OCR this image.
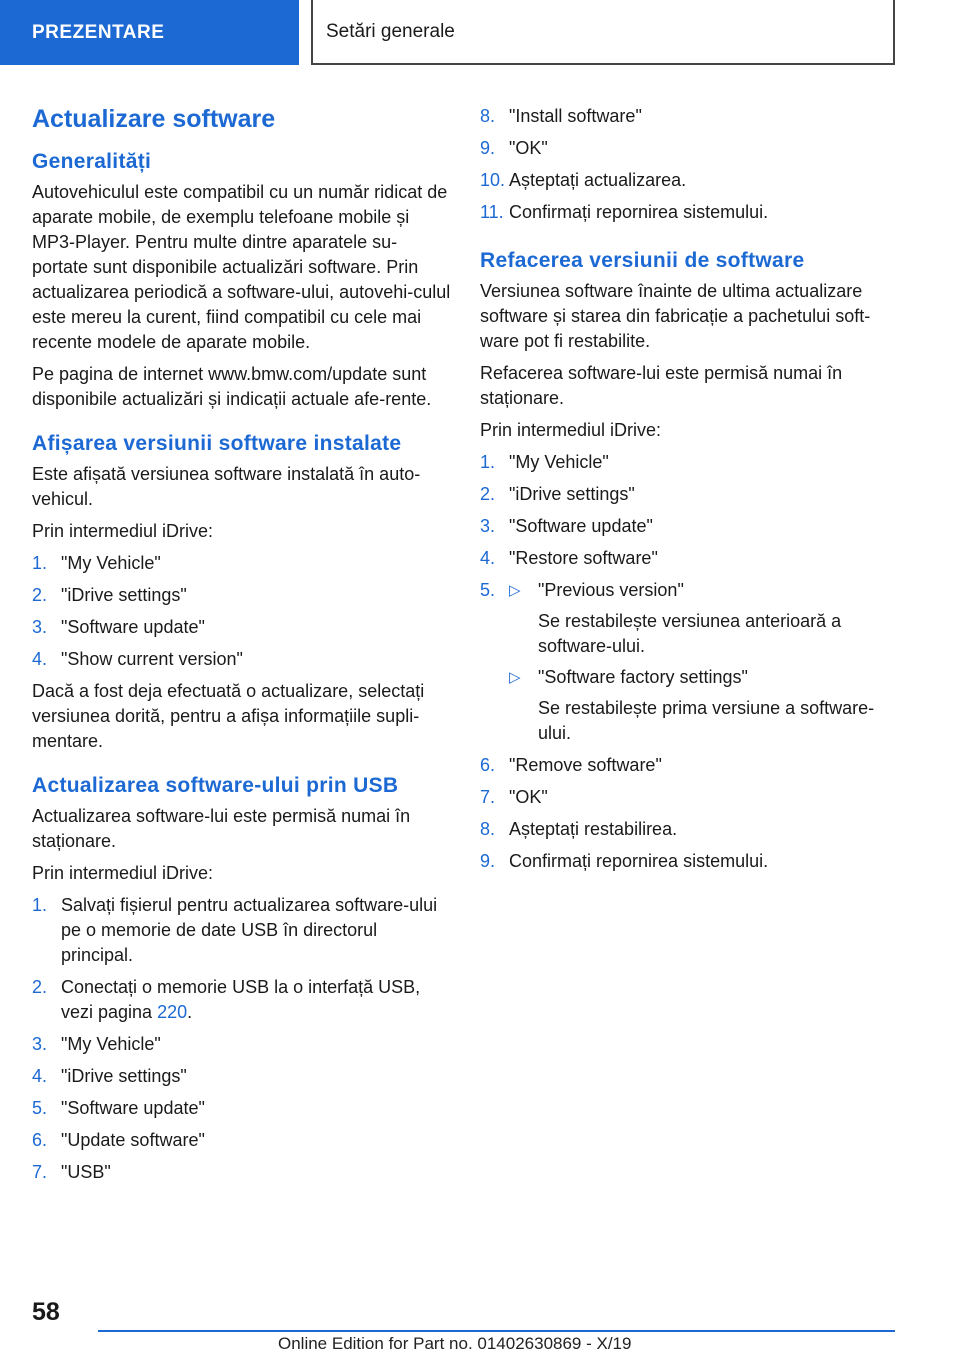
PREZENTARE	Setări generale
Actualizare software
Generalități

Autovehiculul este compatibil cu un număr ridicat de aparate mobile, de exemplu telefoane mobile și MP3-Player. Pentru multe dintre aparatele su-portate sunt disponibile actualizări software. Prin actualizarea periodică a software-ului, autovehi-culul este mereu la curent, fiind compatibil cu cele mai recente modele de aparate mobile.

Pe pagina de internet www.bmw.com/update sunt disponibile actualizări și indicații actuale afe-rente.

Afișarea versiunii software instalate

Este afișată versiunea software instalată în auto-vehicul.

Prin intermediul iDrive:

1. "My Vehicle"
2. "iDrive settings"
3. "Software update"
4. "Show current version"

Dacă a fost deja efectuată o actualizare, selectați versiunea dorită, pentru a afișa informațiile supli-mentare.

Actualizarea software-ului prin USB

Actualizarea software-lui este permisă numai în staționare.

Prin intermediul iDrive:

1. Salvați fișierul pentru actualizarea software-ului pe o memorie de date USB în directorul principal.
2. Conectați o memorie USB la o interfață USB, vezi pagina 220.
3. "My Vehicle"
4. "iDrive settings"
5. "Software update"
6. "Update software"
7. "USB"
8. "Install software"
9. "OK"
10. Așteptați actualizarea.
11. Confirmați repornirea sistemului.
Refacerea versiunii de software

Versiunea software înainte de ultima actualizare software și starea din fabricație a pachetului soft-ware pot fi restabilite.

Refacerea software-lui este permisă numai în staționare.

Prin intermediul iDrive:

1. "My Vehicle"
2. "iDrive settings"
3. "Software update"
4. "Restore software"
5. ▷ "Previous version"
Se restabilește versiunea anterioară a software-ului.
▷ "Software factory settings"
Se restabilește prima versiune a software-ului.
6. "Remove software"
7. "OK"
8. Așteptați restabilirea.
9. Confirmați repornirea sistemului.
58
Online Edition for Part no. 01402630869 - X/19
